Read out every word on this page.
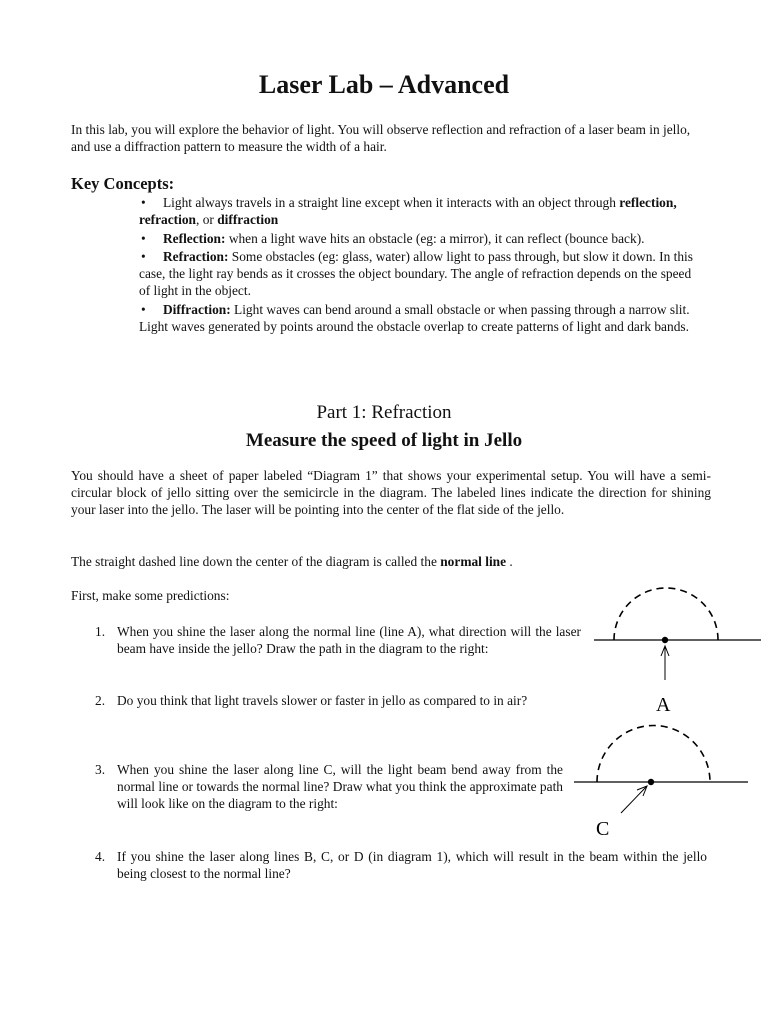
Laser Lab – Advanced
In this lab, you will explore the behavior of light. You will observe reflection and refraction of a laser beam in jello, and use a diffraction pattern to measure the width of a hair.
Key Concepts:
• Light always travels in a straight line except when it interacts with an object through reflection, refraction, or diffraction
• Reflection: when a light wave hits an obstacle (eg: a mirror), it can reflect (bounce back).
• Refraction: Some obstacles (eg: glass, water) allow light to pass through, but slow it down. In this case, the light ray bends as it crosses the object boundary. The angle of refraction depends on the speed of light in the object.
• Diffraction: Light waves can bend around a small obstacle or when passing through a narrow slit. Light waves generated by points around the obstacle overlap to create patterns of light and dark bands.
Part 1: Refraction
Measure the speed of light in Jello
You should have a sheet of paper labeled “Diagram 1” that shows your experimental setup. You will have a semi-circular block of jello sitting over the semicircle in the diagram. The labeled lines indicate the direction for shining your laser into the jello. The laser will be pointing into the center of the flat side of the jello.
The straight dashed line down the center of the diagram is called the normal line .
First, make some predictions:
1. When you shine the laser along the normal line (line A), what direction will the laser beam have inside the jello? Draw the path in the diagram to the right:
2. Do you think that light travels slower or faster in jello as compared to in air?
3. When you shine the laser along line C, will the light beam bend away from the normal line or towards the normal line? Draw what you think the approximate path will look like on the diagram to the right:
4. If you shine the laser along lines B, C, or D (in diagram 1), which will result in the beam within the jello being closest to the normal line?
A
C
